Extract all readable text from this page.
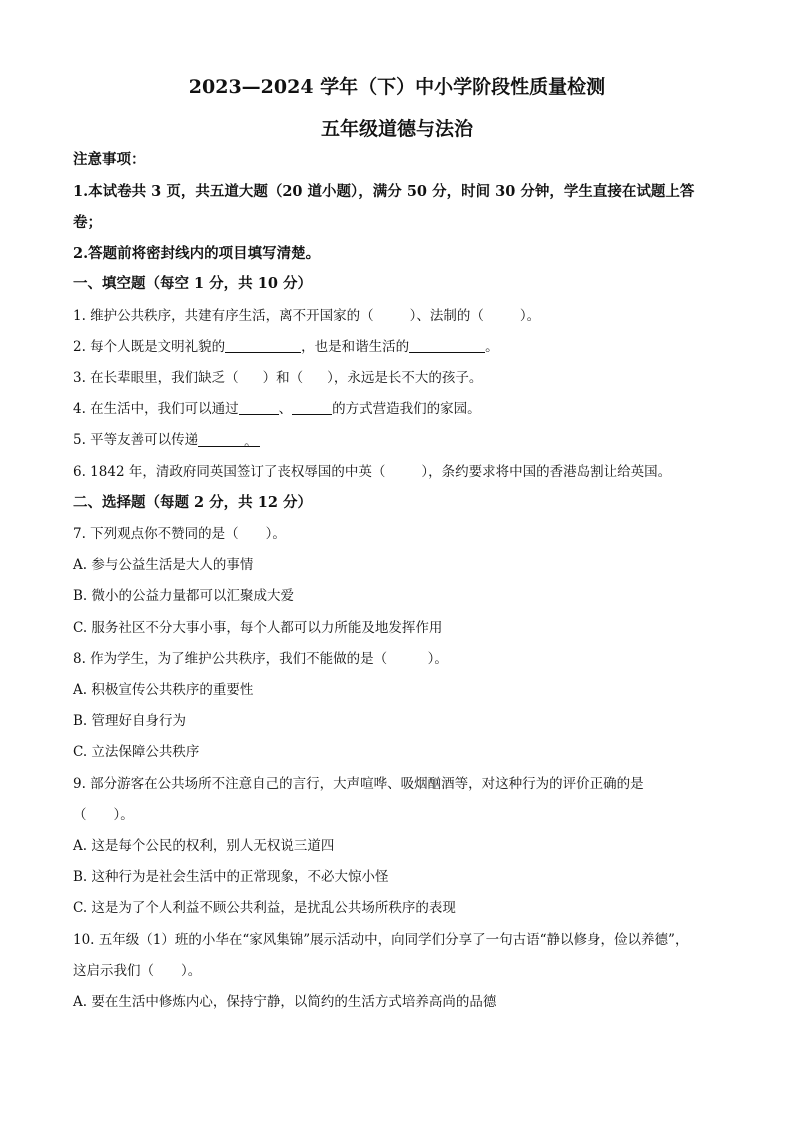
2023—2024 学年（下）中小学阶段性质量检测
五年级道德与法治
注意事项：
1.本试卷共 3 页，共五道大题（20 道小题），满分 50 分，时间 30 分钟，学生直接在试题上答
卷；
2.答题前将密封线内的项目填写清楚。
一、填空题（每空 1 分，共 10 分）
1. 维护公共秩序，共建有序生活，离不开国家的（	）、法制的（	）。
2. 每个人既是文明礼貌的	，也是和谐生活的	。
3. 在长辈眼里，我们缺乏（ ）和（ ），永远是长不大的孩子。
4. 在生活中，我们可以通过	、	的方式营造我们的家园。
5. 平等友善可以传递	。
6. 1842 年，清政府同英国签订了丧权辱国的中英（	），条约要求将中国的香港岛割让给英国。
二、选择题（每题 2 分，共 12 分）
7. 下列观点你不赞同的是（　　）。
A. 参与公益生活是大人的事情
B. 微小的公益力量都可以汇聚成大爱
C. 服务社区不分大事小事，每个人都可以力所能及地发挥作用
8. 作为学生，为了维护公共秩序，我们不能做的是（　　　）。
A. 积极宣传公共秩序的重要性
B. 管理好自身行为
C. 立法保障公共秩序
9. 部分游客在公共场所不注意自己的言行，大声喧哗、吸烟酗酒等，对这种行为的评价正确的是
（　　）。
A. 这是每个公民的权利，别人无权说三道四
B. 这种行为是社会生活中的正常现象，不必大惊小怪
C. 这是为了个人利益不顾公共利益，是扰乱公共场所秩序的表现
10. 五年级（1）班的小华在“家风集锦”展示活动中，向同学们分享了一句古语“静以修身，俭以养德”，
这启示我们（　　）。
A. 要在生活中修炼内心，保持宁静，以简约的生活方式培养高尚的品德
